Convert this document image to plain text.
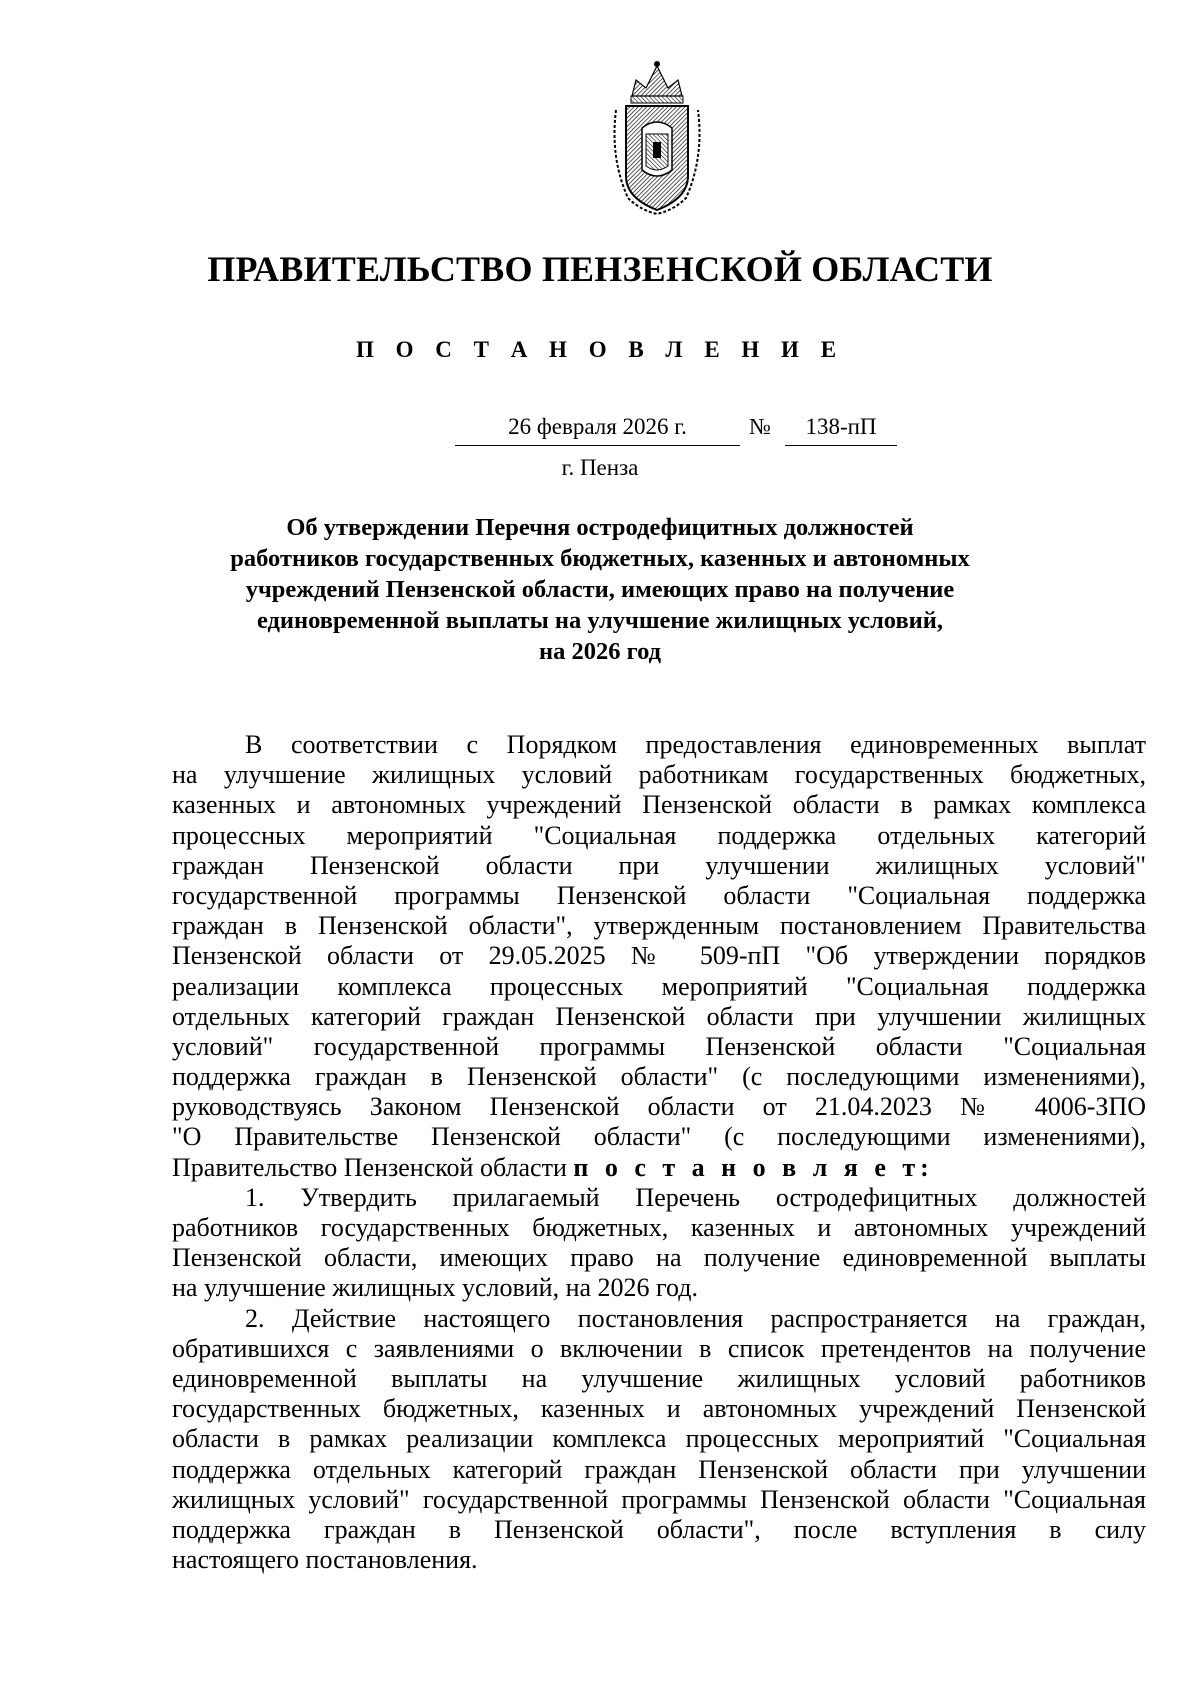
ПРАВИТЕЛЬСТВО ПЕНЗЕНСКОЙ ОБЛАСТИ
П О С Т А Н О В Л Е Н И Е
26 февраля 2026 г.	№	138-пП
г. Пенза
Об утверждении Перечня остродефицитных должностей
работников государственных бюджетных, казенных и автономных
учреждений Пензенской области, имеющих право на получение
единовременной выплаты на улучшение жилищных условий,
на 2026 год
В соответствии с Порядком предоставления единовременных выплат
на улучшение жилищных условий работникам государственных бюджетных,
казенных и автономных учреждений Пензенской области в рамках комплекса
процессных мероприятий "Социальная поддержка отдельных категорий
граждан Пензенской области при улучшении жилищных условий"
государственной программы Пензенской области "Социальная поддержка
граждан в Пензенской области", утвержденным постановлением Правительства
Пензенской области от 29.05.2025 № 509-пП "Об утверждении порядков
реализации комплекса процессных мероприятий "Социальная поддержка
отдельных категорий граждан Пензенской области при улучшении жилищных
условий" государственной программы Пензенской области "Социальная
поддержка граждан в Пензенской области" (с последующими изменениями),
руководствуясь Законом Пензенской области от 21.04.2023 № 4006-ЗПО
"О Правительстве Пензенской области" (с последующими изменениями),
Правительство Пензенской области п о с т а н о в л я е т:
1. Утвердить прилагаемый Перечень остродефицитных должностей
работников государственных бюджетных, казенных и автономных учреждений
Пензенской области, имеющих право на получение единовременной выплаты
на улучшение жилищных условий, на 2026 год.
2. Действие настоящего постановления распространяется на граждан,
обратившихся с заявлениями о включении в список претендентов на получение
единовременной выплаты на улучшение жилищных условий работников
государственных бюджетных, казенных и автономных учреждений Пензенской
области в рамках реализации комплекса процессных мероприятий "Социальная
поддержка отдельных категорий граждан Пензенской области при улучшении
жилищных условий" государственной программы Пензенской области "Социальная
поддержка граждан в Пензенской области", после вступления в силу
настоящего постановления.
